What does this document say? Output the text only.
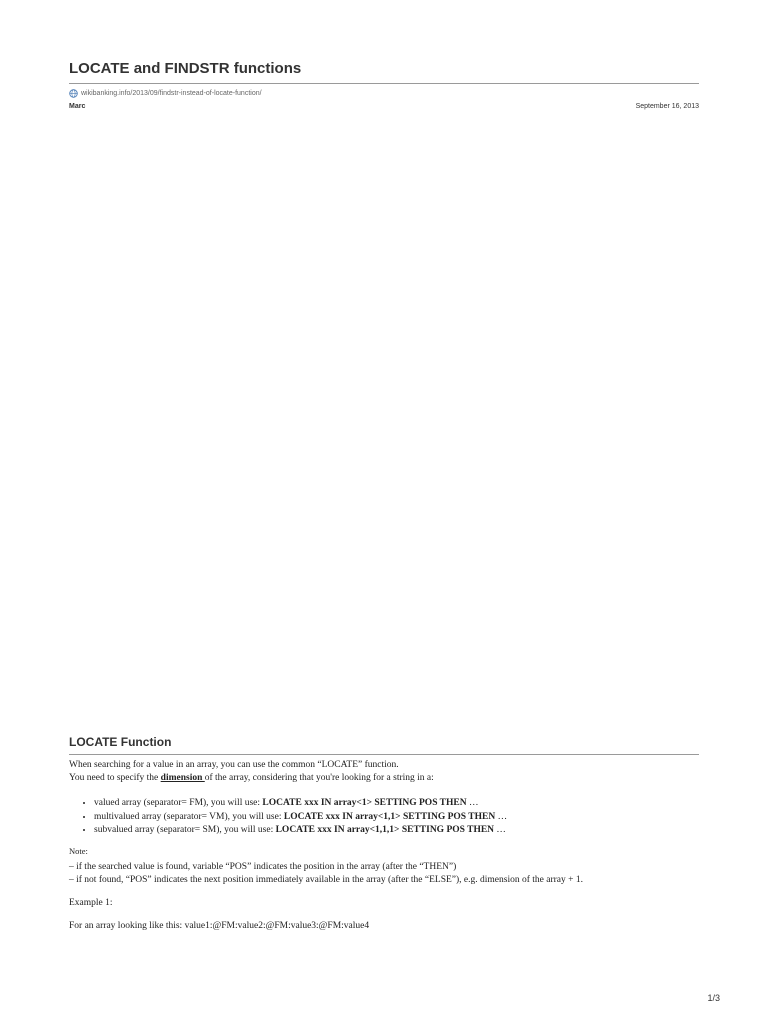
LOCATE and FINDSTR functions
wikibanking.info/2013/09/findstr-instead-of-locate-function/
Marc	September 16, 2013
LOCATE Function
When searching for a value in an array, you can use the common “LOCATE” function.
You need to specify the dimension of the array, considering that you're looking for a string in a:
• valued array (separator= FM), you will use: LOCATE xxx IN array<1> SETTING POS THEN …
• multivalued array (separator= VM), you will use: LOCATE xxx IN array<1,1> SETTING POS THEN …
• subvalued array (separator= SM), you will use: LOCATE xxx IN array<1,1,1> SETTING POS THEN …
Note:
– if the searched value is found, variable “POS” indicates the position in the array (after the “THEN”)
– if not found, “POS” indicates the next position immediately available in the array (after the “ELSE”), e.g. dimension of the array + 1.
Example 1:
For an array looking like this: value1:@FM:value2:@FM:value3:@FM:value4
1/3
